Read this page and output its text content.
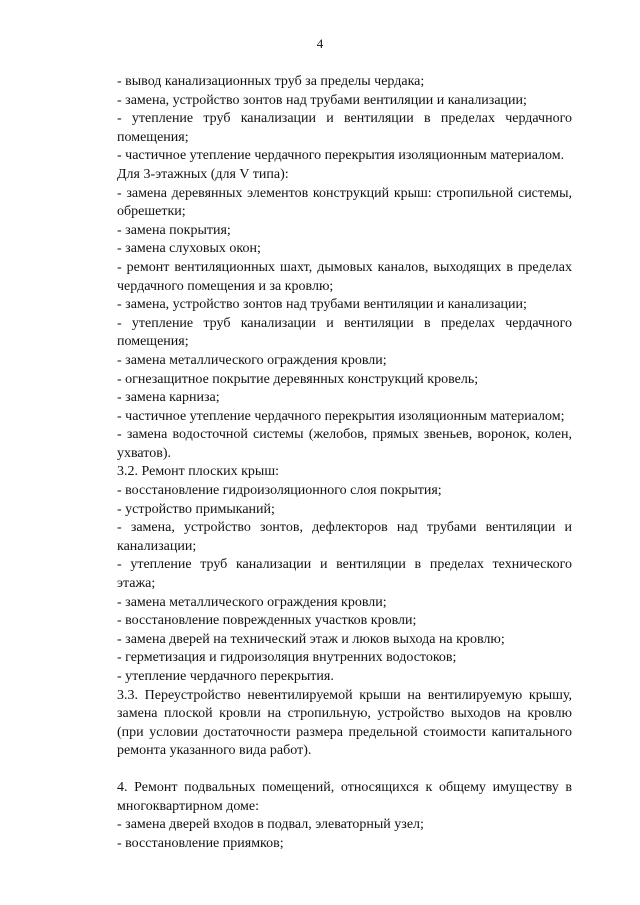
4

- вывод канализационных труб за пределы чердака;

- замена, устройство зонтов над трубами вентиляции и канализации;

- утепление труб канализации и вентиляции в пределах чердачного помещения;

- частичное утепление чердачного перекрытия изоляционным материалом.

Для 3-этажных (для V типа):

- замена деревянных элементов конструкций крыш: стропильной системы, обрешетки;

- замена покрытия;

- замена слуховых окон;

- ремонт вентиляционных шахт, дымовых каналов, выходящих в пределах чердачного помещения и за кровлю;

- замена, устройство зонтов над трубами вентиляции и канализации;

- утепление труб канализации и вентиляции в пределах чердачного помещения;

- замена металлического ограждения кровли;

- огнезащитное покрытие деревянных конструкций кровель;

- замена карниза;

- частичное утепление чердачного перекрытия изоляционным материалом;

- замена водосточной системы (желобов, прямых звеньев, воронок, колен, ухватов).

3.2. Ремонт плоских крыш:

- восстановление гидроизоляционного слоя покрытия;

- устройство примыканий;

- замена, устройство зонтов, дефлекторов над трубами вентиляции и канализации;

- утепление труб канализации и вентиляции в пределах технического этажа;

- замена металлического ограждения кровли;

- восстановление поврежденных участков кровли;

- замена дверей на технический этаж и люков выхода на кровлю;

- герметизация и гидроизоляция внутренних водостоков;

- утепление чердачного перекрытия.

3.3. Переустройство невентилируемой крыши на вентилируемую крышу, замена плоской кровли на стропильную, устройство выходов на кровлю (при условии достаточности размера предельной стоимости капитального ремонта указанного вида работ).

4. Ремонт подвальных помещений, относящихся к общему имуществу в многоквартирном доме:

- замена дверей входов в подвал, элеваторный узел;

- восстановление приямков;
